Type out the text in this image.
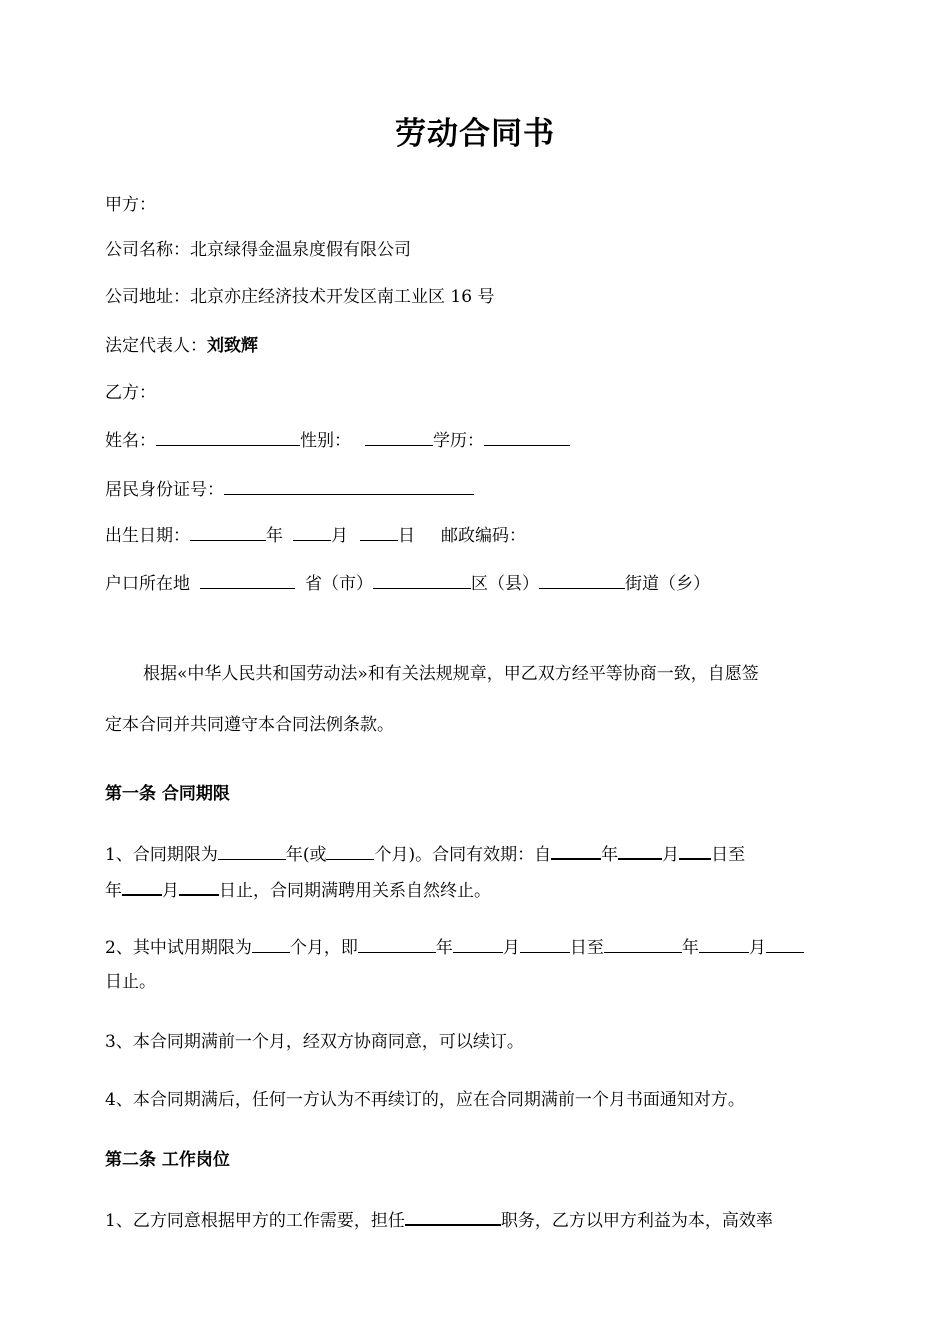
劳动合同书
甲方：
公司名称：北京绿得金温泉度假有限公司
公司地址：北京亦庄经济技术开发区南工业区 16 号
法定代表人：刘致辉
乙方：
姓名：	性别：	学历：
居民身份证号：
出生日期：	年	月	日 邮政编码：
户口所在地	省（市）	区（县）	街道（乡）
根据«中华人民共和国劳动法»和有关法规规章，甲乙双方经平等协商一致，自愿签
定本合同并共同遵守本合同法例条款。
第一条 合同期限
1、合同期限为	年(或	个月)。合同有效期：自	年	月 日至
年 月 日止，合同期满聘用关系自然终止。
2、其中试用期限为 个月，即	年	月	日至	年	月
日止。
3、本合同期满前一个月，经双方协商同意，可以续订。
4、本合同期满后，任何一方认为不再续订的，应在合同期满前一个月书面通知对方。
第二条 工作岗位
1、乙方同意根据甲方的工作需要，担任	职务，乙方以甲方利益为本，高效率
